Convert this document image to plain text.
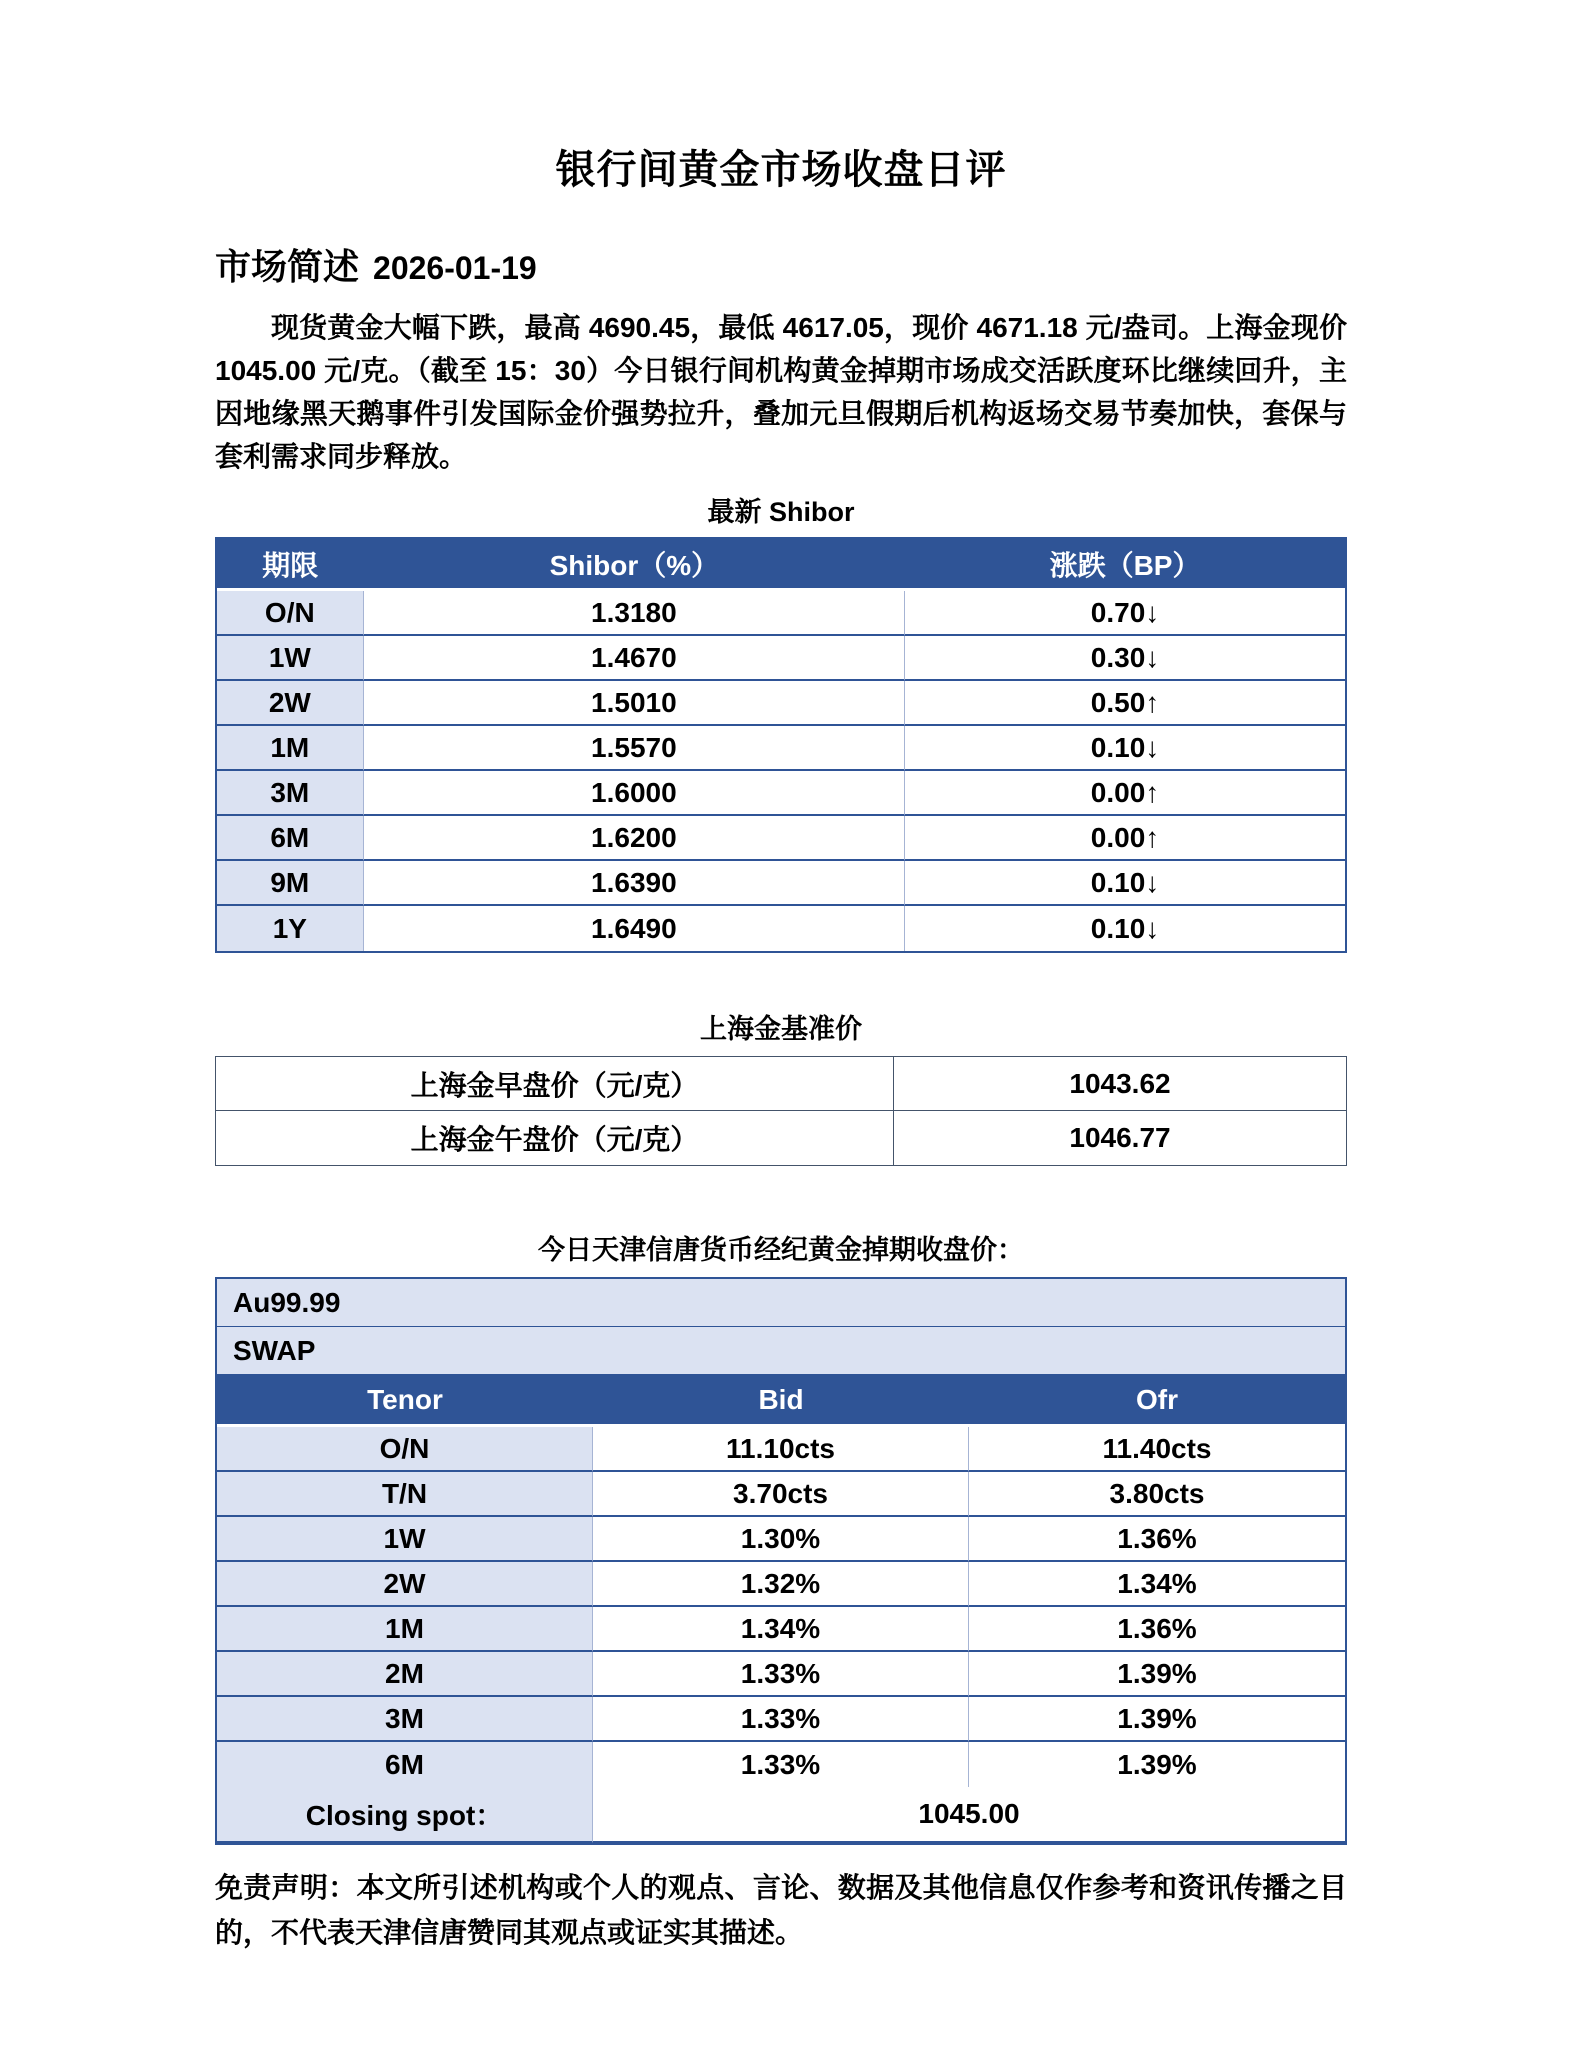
银行间黄金市场收盘日评
市场简述 2026-01-19

现货黄金大幅下跌，最高 4690.45，最低 4617.05，现价 4671.18 元/盎司。上海金现价 1045.00 元/克。（截至 15：30）今日银行间机构黄金掉期市场成交活跃度环比继续回升，主因地缘黑天鹅事件引发国际金价强势拉升，叠加元旦假期后机构返场交易节奏加快，套保与套利需求同步释放。

最新 Shibor
期限	Shibor（%）	涨跌（BP）
O/N	1.3180	0.70↓
1W	1.4670	0.30↓
2W	1.5010	0.50↑
1M	1.5570	0.10↓
3M	1.6000	0.00↑
6M	1.6200	0.00↑
9M	1.6390	0.10↓
1Y	1.6490	0.10↓
上海金基准价
上海金早盘价（元/克）	1043.62
上海金午盘价（元/克）	1046.77
今日天津信唐货币经纪黄金掉期收盘价：
Au99.99		
SWAP		
Tenor	Bid	Ofr
O/N	11.10cts	11.40cts
T/N	3.70cts	3.80cts
1W	1.30%	1.36%
2W	1.32%	1.34%
1M	1.34%	1.36%
2M	1.33%	1.39%
3M	1.33%	1.39%
6M	1.33%	1.39%
Closing spot：	1045.00	

免责声明：本文所引述机构或个人的观点、言论、数据及其他信息仅作参考和资讯传播之目的，不代表天津信唐赞同其观点或证实其描述。
